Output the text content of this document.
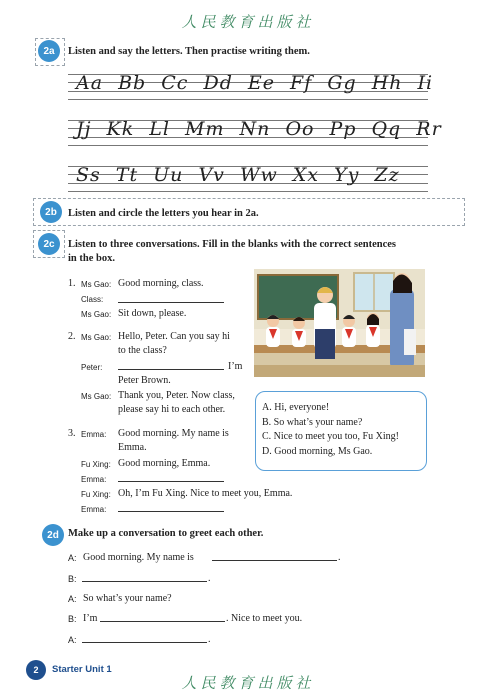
人民教育出版社
2a	Listen and say the letters. Then practise writing them.
Aa Bb Cc Dd Ee Ff Gg Hh Ii
Jj Kk Ll Mm Nn Oo Pp Qq Rr
Ss Tt Uu Vv Ww Xx Yy Zz
2b	Listen and circle the letters you hear in 2a.
2c	Listen to three conversations. Fill in the blanks with the correct sentences
in the box.
1. Ms Gao: Good morning, class.
Class:
Ms Gao: Sit down, please.
2. Ms Gao: Hello, Peter. Can you say hi
to the class?
Peter:	I’m
Peter Brown.
Ms Gao: Thank you, Peter. Now class,
please say hi to each other.
3. Emma: Good morning. My name is
Emma.
Fu Xing: Good morning, Emma.
Emma:
Fu Xing: Oh, I’m Fu Xing. Nice to meet you, Emma.
Emma:
A. Hi, everyone!
B. So what’s your name?
C. Nice to meet you too, Fu Xing!
D. Good morning, Ms Gao.
2d Make up a conversation to greet each other.
A: Good morning. My name is	.
B:	.
A: So what’s your name?
B: I’m	. Nice to meet you.
A:	.
2	Starter Unit 1
人民教育出版社
